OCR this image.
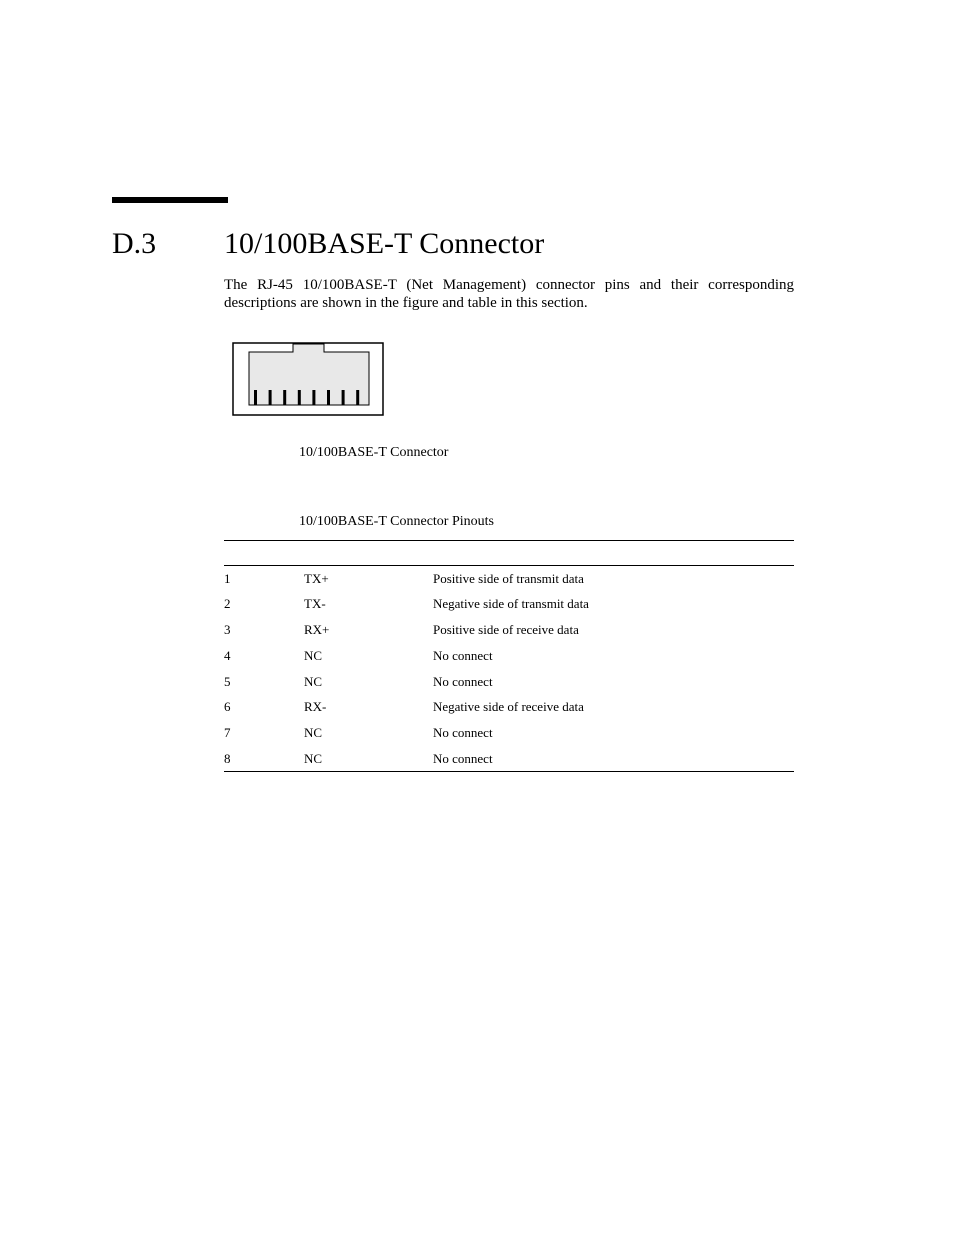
D.3 10/100BASE-T Connector

The RJ-45 10/100BASE-T (Net Management) connector pins and their corresponding descriptions are shown in the figure and table in this section.

10/100BASE-T Connector
10/100BASE-T Connector Pinouts

1	TX+	Positive side of transmit data
2	TX-	Negative side of transmit data
3	RX+	Positive side of receive data
4	NC	No connect
5	NC	No connect
6	RX-	Negative side of receive data
7	NC	No connect
8	NC	No connect
